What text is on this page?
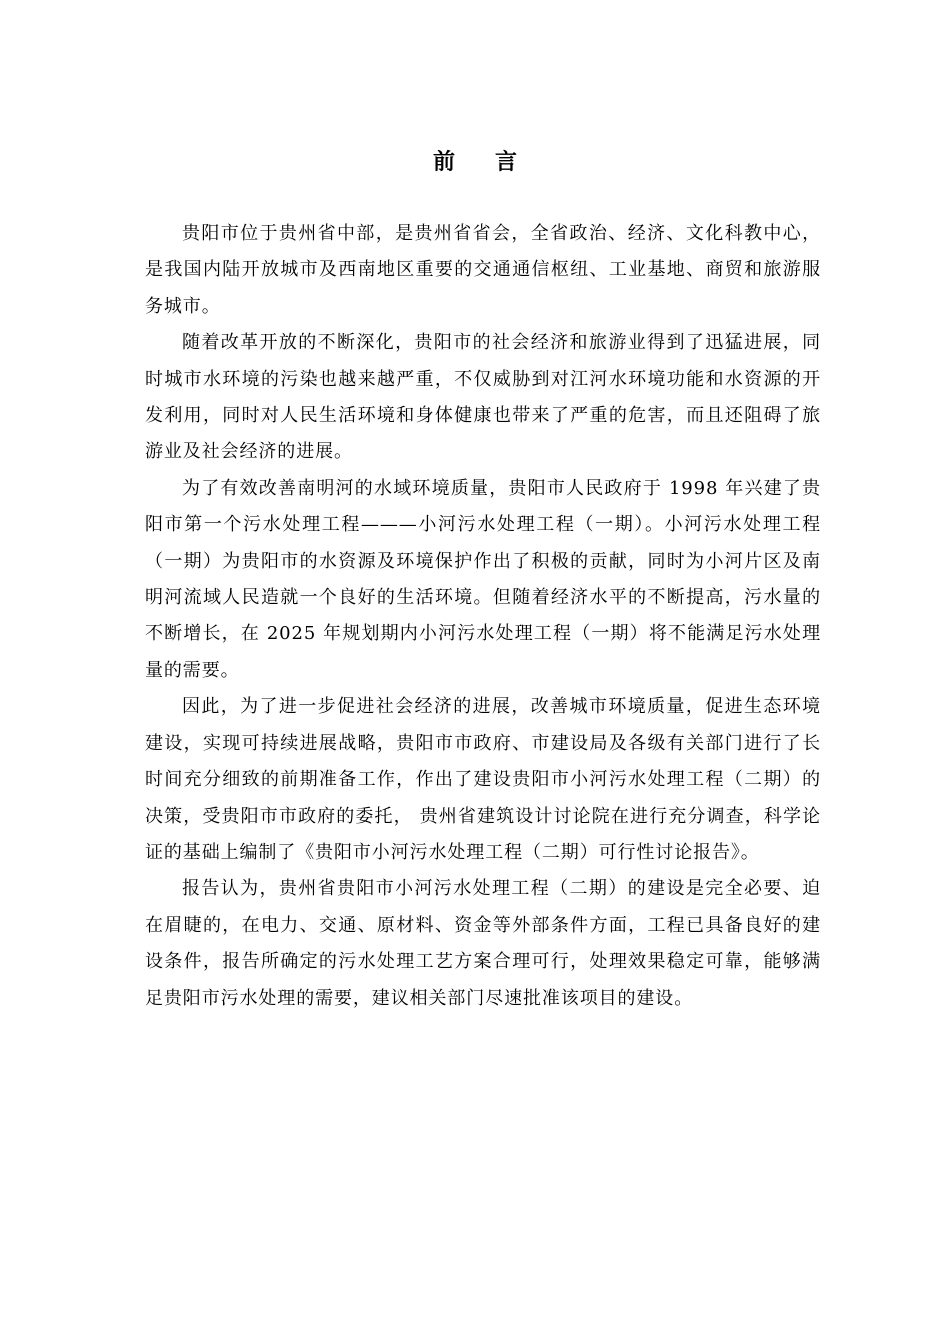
前言

贵阳市位于贵州省中部，是贵州省省会，全省政治、经济、文化科教中心，是我国内陆开放城市及西南地区重要的交通通信枢纽、工业基地、商贸和旅游服务城市。

随着改革开放的不断深化，贵阳市的社会经济和旅游业得到了迅猛进展，同时城市水环境的污染也越来越严重，不仅威胁到对江河水环境功能和水资源的开发利用，同时对人民生活环境和身体健康也带来了严重的危害，而且还阻碍了旅游业及社会经济的进展。

为了有效改善南明河的水域环境质量，贵阳市人民政府于 1998 年兴建了贵阳市第一个污水处理工程———小河污水处理工程（一期）。小河污水处理工程（一期）为贵阳市的水资源及环境保护作出了积极的贡献，同时为小河片区及南明河流域人民造就一个良好的生活环境。但随着经济水平的不断提高，污水量的不断增长，在 2025 年规划期内小河污水处理工程（一期）将不能满足污水处理量的需要。

因此，为了进一步促进社会经济的进展，改善城市环境质量，促进生态环境建设，实现可持续进展战略，贵阳市市政府、市建设局及各级有关部门进行了长时间充分细致的前期准备工作，作出了建设贵阳市小河污水处理工程（二期）的决策，受贵阳市市政府的委托， 贵州省建筑设计讨论院在进行充分调查，科学论证的基础上编制了《贵阳市小河污水处理工程（二期）可行性讨论报告》。

报告认为，贵州省贵阳市小河污水处理工程（二期）的建设是完全必要、迫在眉睫的，在电力、交通、原材料、资金等外部条件方面，工程已具备良好的建设条件，报告所确定的污水处理工艺方案合理可行，处理效果稳定可靠，能够满足贵阳市污水处理的需要，建议相关部门尽速批准该项目的建设。
